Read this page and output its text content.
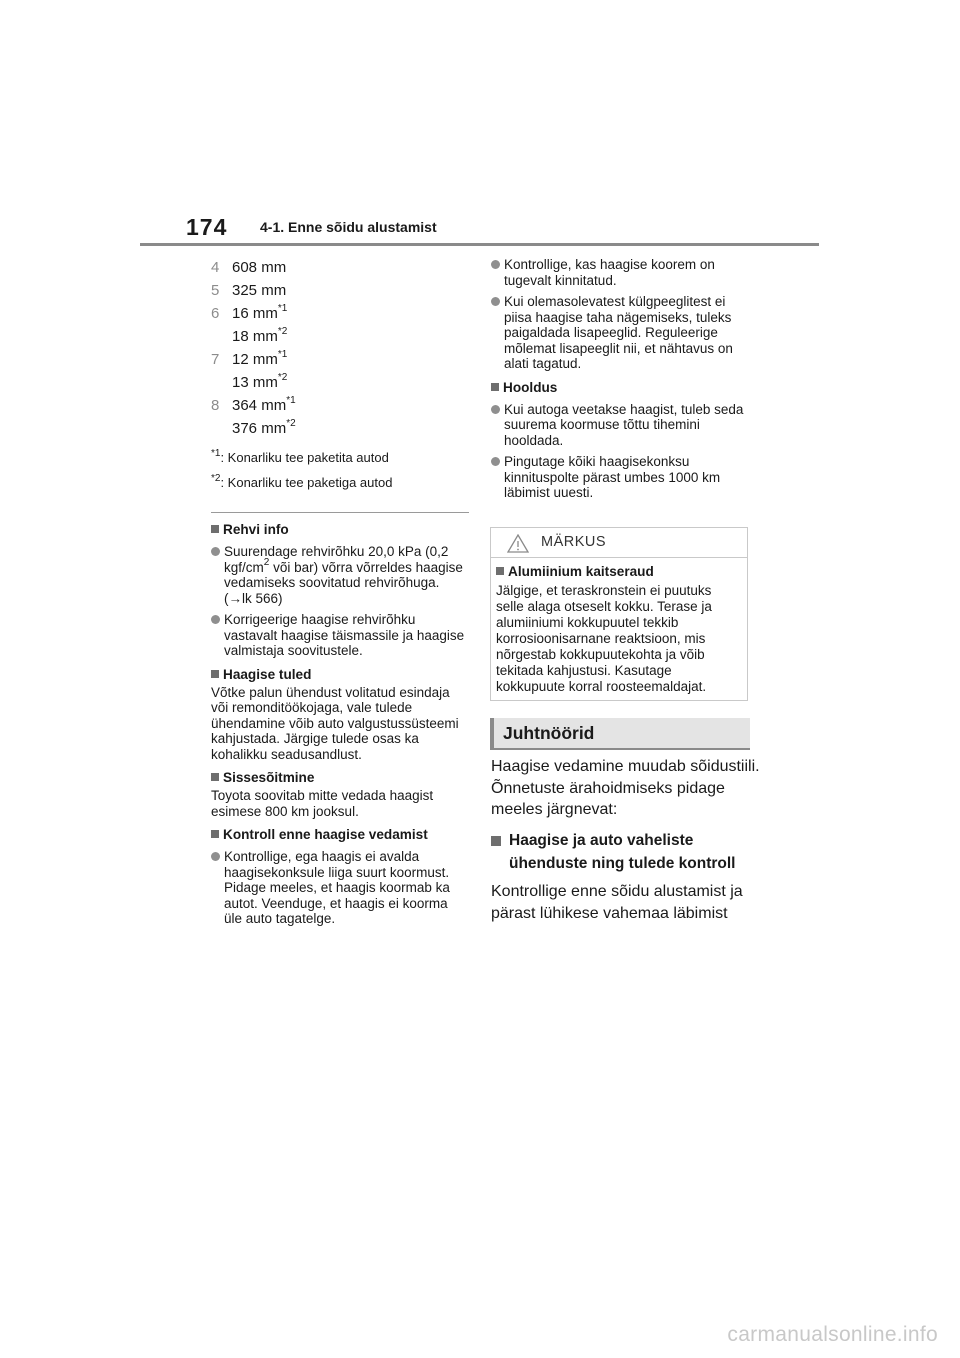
174 4-1. Enne sõidu alustamist
4 608 mm
5 325 mm
6 16 $mm^{*1}$
18 $mm^{*2}$
7 12 $mm^{*1}$
13 $mm^{*2}$
8 364 $mm^{*1}$
376 $mm^{*2}$
$^{*1}$: Konarliku tee paketita autod
$^{*2}$: Konarliku tee paketiga autod
Rehvi info
Suurendage rehvirõhku 20,0 kPa (0,2 kgf/$cm^2$ või bar) võrra võrreldes haagise vedamiseks soovitatud rehvirõhuga. (→lk 566)
Korrigeerige haagise rehvirõhku vastavalt haagise täismassile ja haagise valmistaja soovitustele.
Haagise tuled
Võtke palun ühendust volitatud esindaja või remonditöökojaga, vale tulede ühendamine võib auto valgustussüsteemi kahjustada. Järgige tulede osas ka kohalikku seadusandlust.
Sissesõitmine
Toyota soovitab mitte vedada haagist esimese 800 km jooksul.
Kontroll enne haagise vedamist
Kontrollige, ega haagis ei avalda haagisekonksule liiga suurt koormust. Pidage meeles, et haagis koormab ka autot. Veenduge, et haagis ei koorma üle auto tagatelge.
Kontrollige, kas haagise koorem on tugevalt kinnitatud.
Kui olemasolevatest külgpeeglitest ei piisa haagise taha nägemiseks, tuleks paigaldada lisapeeglid. Reguleerige mõlemat lisapeeglit nii, et nähtavus on alati tagatud.
Hooldus
Kui autoga veetakse haagist, tuleb seda suurema koormuse tõttu tihemini hooldada.
Pingutage kõiki haagisekonksu kinnituspolte pärast umbes 1000 km läbimist uuesti.
MÄRKUS
Alumiinium kaitseraud
Jälgige, et teraskronstein ei puutuks selle alaga otseselt kokku. Terase ja alumiiniumi kokkupuutel tekkib korrosioonisarnane reaktsioon, mis nõrgestab kokkupuutekohta ja võib tekitada kahjustusi. Kasutage kokkupuute korral roosteemaldajat.
Juhtnöörid
Haagise vedamine muudab sõidustiili. Õnnetuste ärahoidmiseks pidage meeles järgnevat:
Haagise ja auto vaheliste ühenduste ning tulede kontroll
Kontrollige enne sõidu alustamist ja pärast lühikese vahemaa läbimist
carmanualsonline.info
